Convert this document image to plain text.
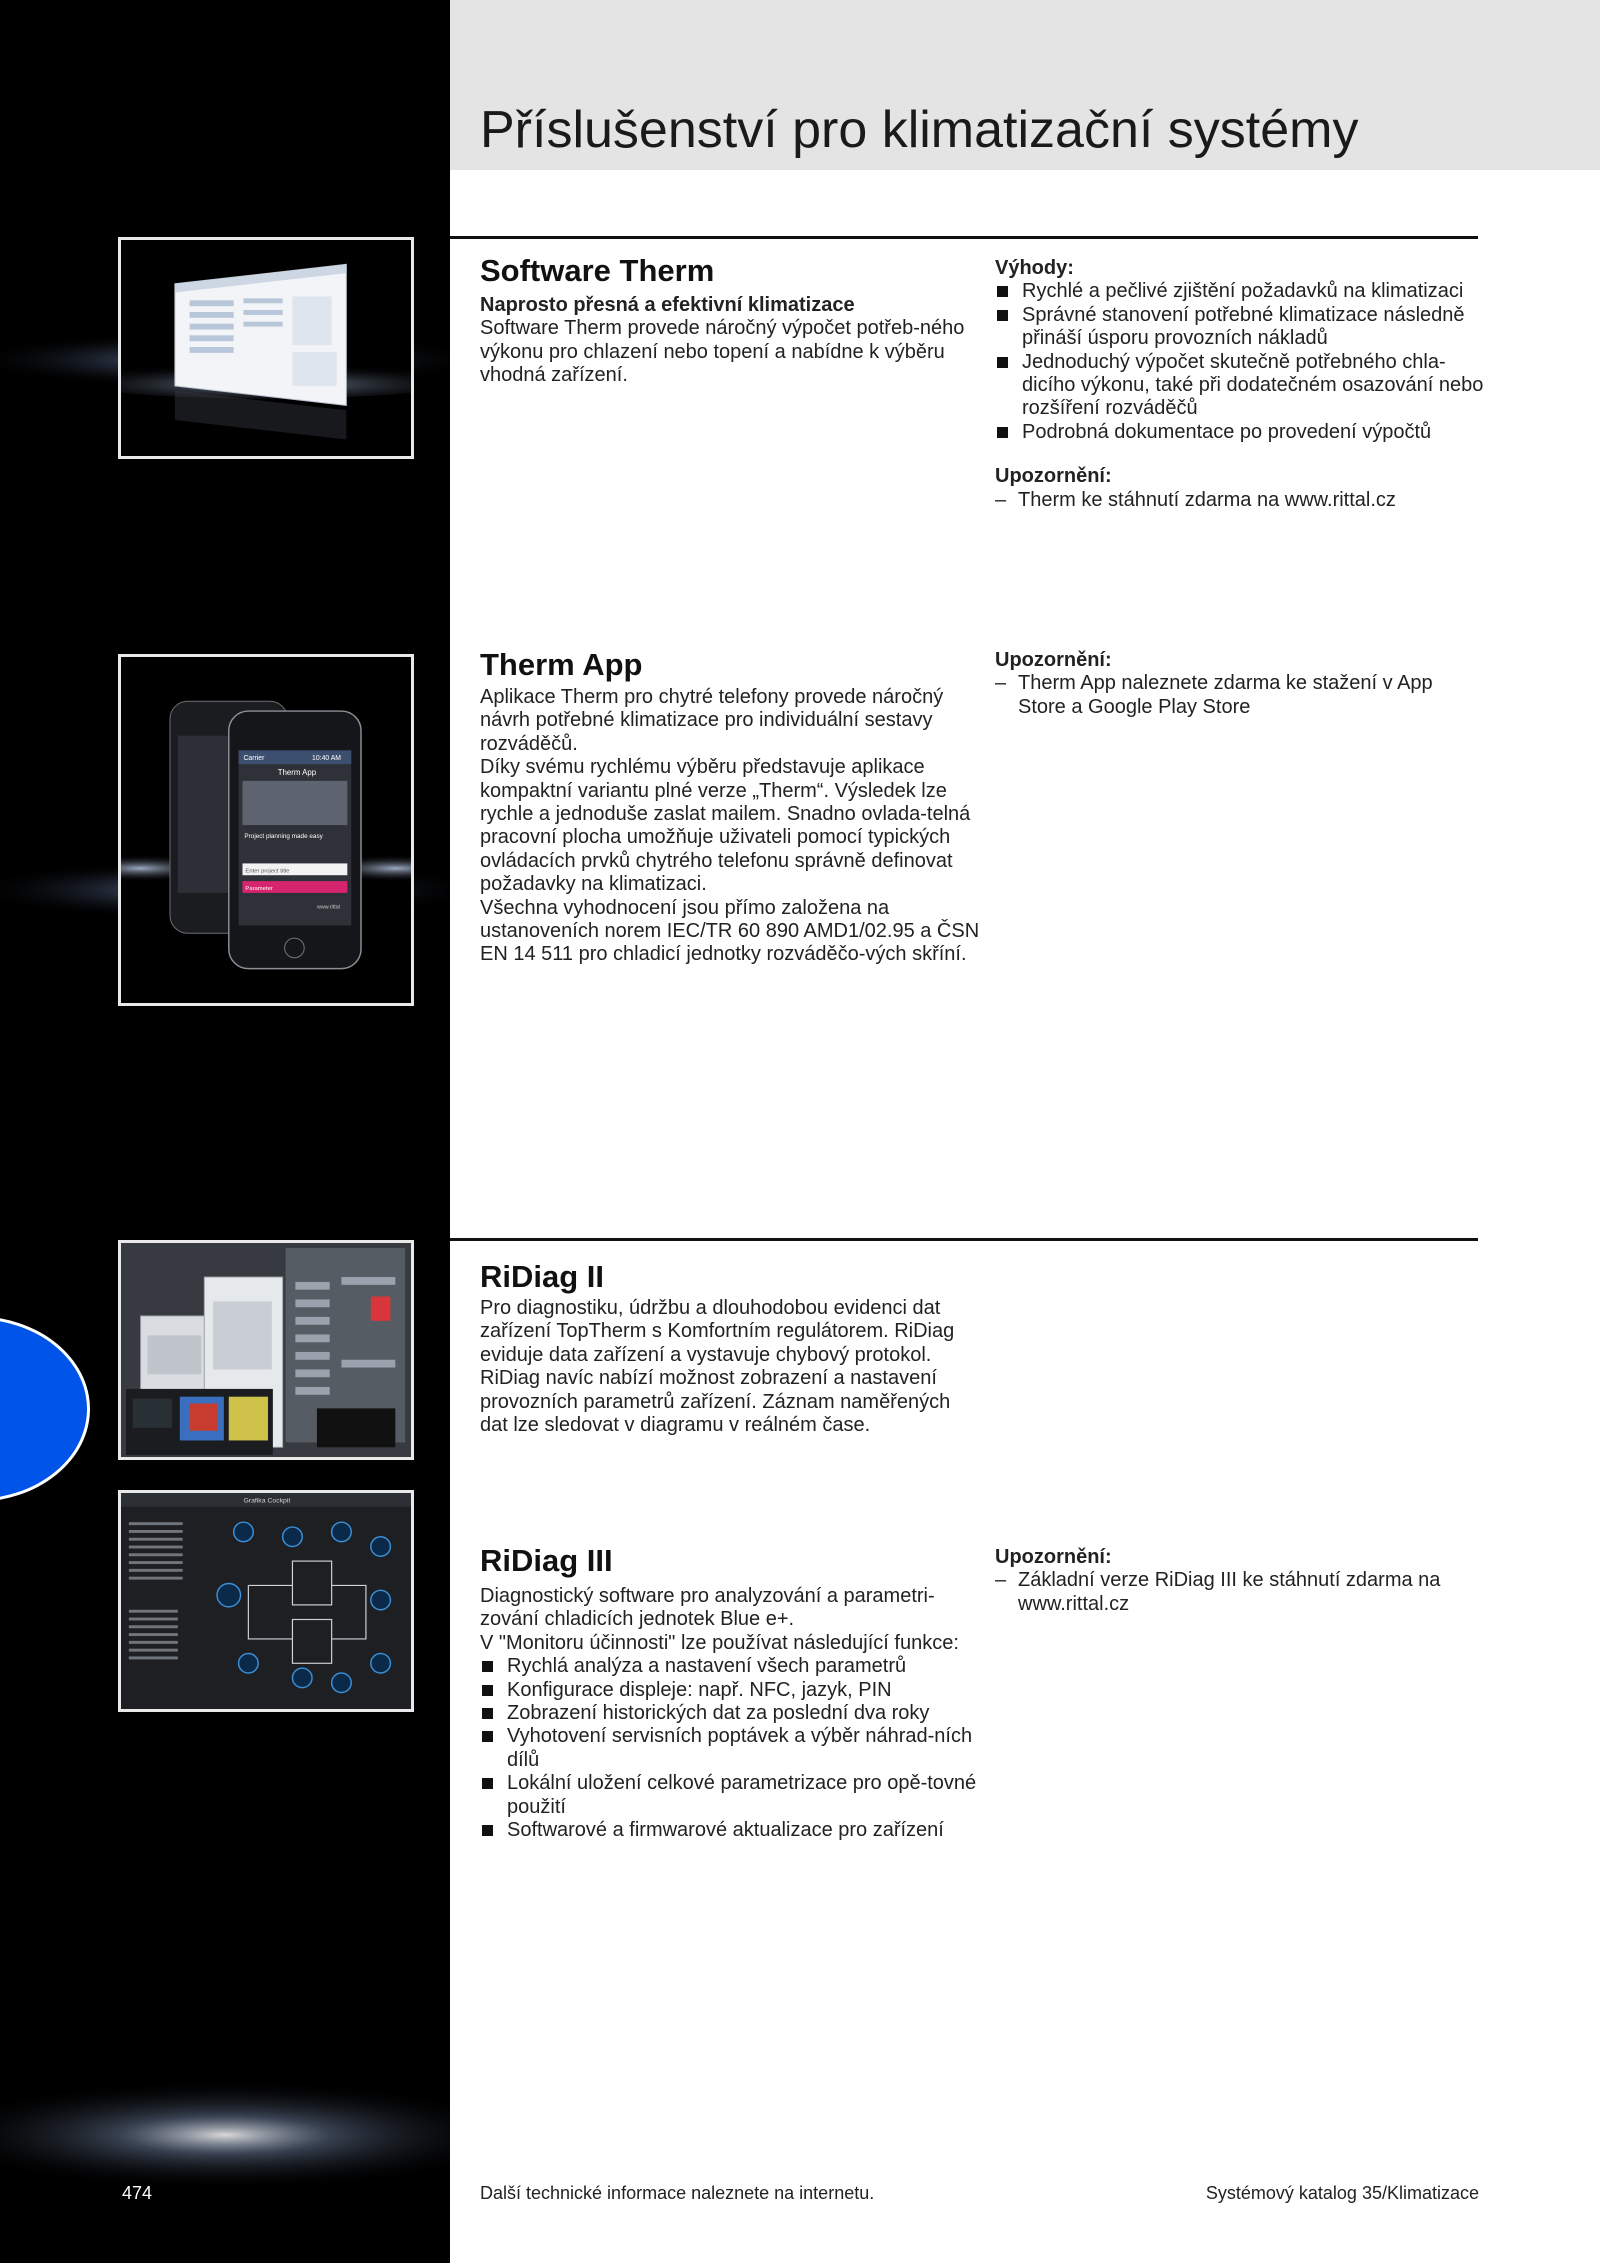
Příslušenství pro klimatizační systémy
Software Therm

Naprosto přesná a efektivní klimatizace

Software Therm provede náročný výpočet potřeb-ného výkonu pro chlazení nebo topení a nabídne k výběru vhodná zařízení.

Výhody:

Rychlé a pečlivé zjištění požadavků na klimatizaci
Správné stanovení potřebné klimatizace následně přináší úsporu provozních nákladů
Jednoduchý výpočet skutečně potřebného chla-dicího výkonu, také při dodatečném osazování nebo rozšíření rozváděčů
Podrobná dokumentace po provedení výpočtů

Upozornění:

– Therm ke stáhnutí zdarma na www.rittal.cz
Carrier	10:40 AM
Therm App
Project planning made easy
Enter project title
Parameter
www.rittal
Therm App

Aplikace Therm pro chytré telefony provede náročný návrh potřebné klimatizace pro individuální sestavy rozváděčů.

Díky svému rychlému výběru představuje aplikace kompaktní variantu plné verze „Therm“. Výsledek lze rychle a jednoduše zaslat mailem. Snadno ovlada-telná pracovní plocha umožňuje uživateli pomocí typických ovládacích prvků chytrého telefonu správně definovat požadavky na klimatizaci.

Všechna vyhodnocení jsou přímo založena na ustanoveních norem IEC/TR 60 890 AMD1/02.95 a ČSN EN 14 511 pro chladicí jednotky rozváděčo-vých skříní.

Upozornění:

– Therm App naleznete zdarma ke stažení v App Store a Google Play Store
RiDiag II

Pro diagnostiku, údržbu a dlouhodobou evidenci dat zařízení TopTherm s Komfortním regulátorem. RiDiag eviduje data zařízení a vystavuje chybový protokol. RiDiag navíc nabízí možnost zobrazení a nastavení provozních parametrů zařízení. Záznam naměřených dat lze sledovat v diagramu v reálném čase.

Grafika Cockpit
RiDiag III

Diagnostický software pro analyzování a parametri-zování chladicích jednotek Blue e+.

V "Monitoru účinnosti" lze používat následující funkce:

Rychlá analýza a nastavení všech parametrů
Konfigurace displeje: např. NFC, jazyk, PIN
Zobrazení historických dat za poslední dva roky
Vyhotovení servisních poptávek a výběr náhrad-ních dílů
Lokální uložení celkové parametrizace pro opě-tovné použití
Softwarové a firmwarové aktualizace pro zařízení

Upozornění:

– Základní verze RiDiag III ke stáhnutí zdarma na www.rittal.cz
474	Další technické informace naleznete na internetu.	Systémový katalog 35/Klimatizace
